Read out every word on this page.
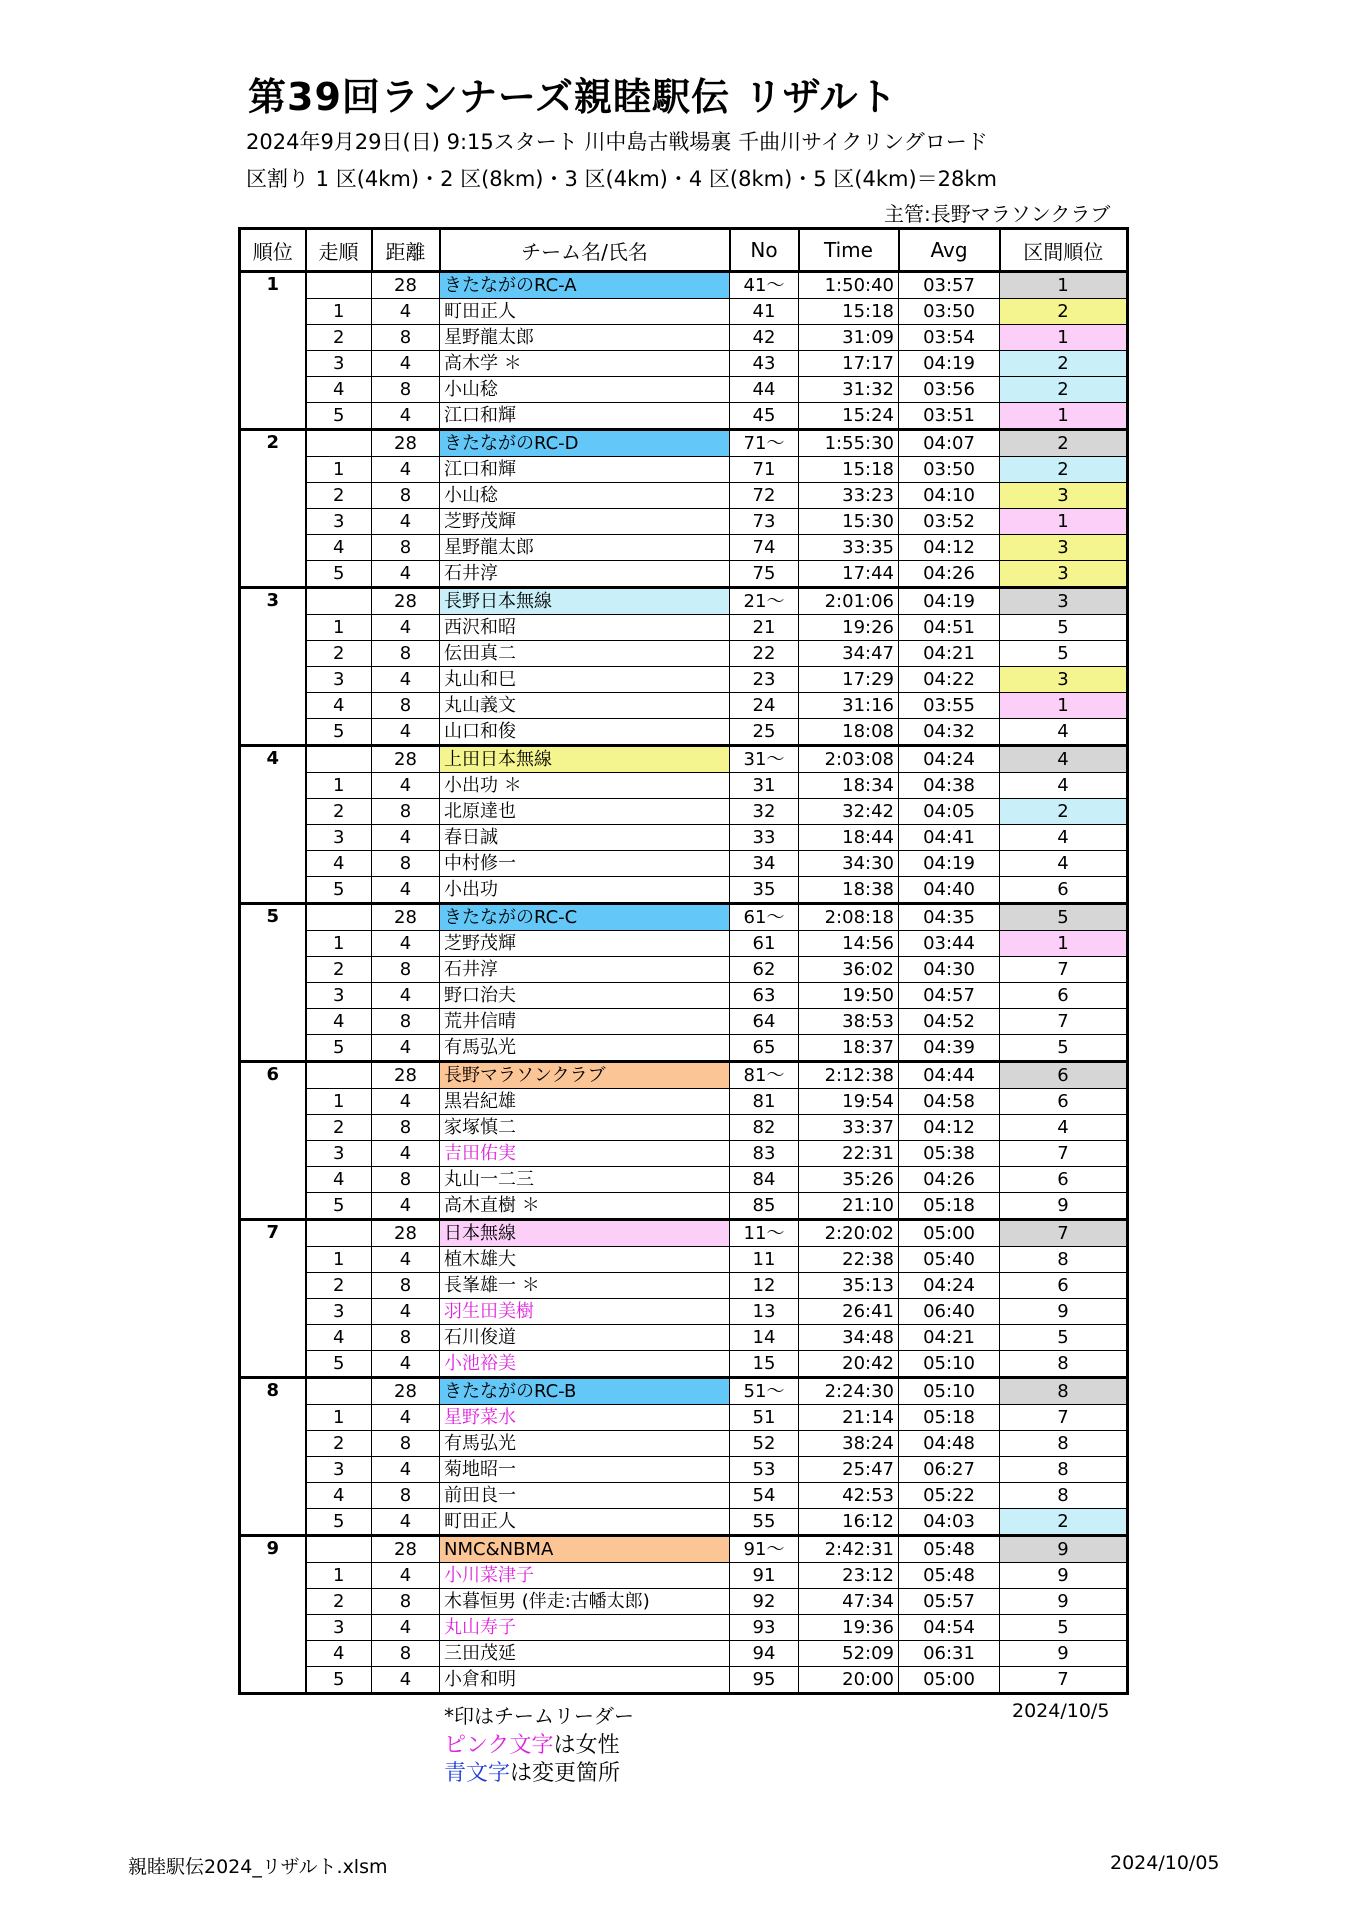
第39回ランナーズ親睦駅伝 リザルト
2024年9月29日(日) 9:15スタート 川中島古戦場裏 千曲川サイクリングロード
区割り 1 区(4km)・2 区(8km)・3 区(4km)・4 区(8km)・5 区(4km)＝28km
主管:長野マラソンクラブ
順位	走順	距離	チーム名/氏名	No	Time	Avg	区間順位
1		28	きたながのRC-A	41～	1:50:40	03:57	1
	1	4	町田正人	41	15:18	03:50	2
	2	8	星野龍太郎	42	31:09	03:54	1
	3	4	高木学 ＊	43	17:17	04:19	2
	4	8	小山稔	44	31:32	03:56	2
	5	4	江口和輝	45	15:24	03:51	1
2		28	きたながのRC-D	71～	1:55:30	04:07	2
	1	4	江口和輝	71	15:18	03:50	2
	2	8	小山稔	72	33:23	04:10	3
	3	4	芝野茂輝	73	15:30	03:52	1
	4	8	星野龍太郎	74	33:35	04:12	3
	5	4	石井淳	75	17:44	04:26	3
3		28	長野日本無線	21～	2:01:06	04:19	3
	1	4	西沢和昭	21	19:26	04:51	5
	2	8	伝田真二	22	34:47	04:21	5
	3	4	丸山和巳	23	17:29	04:22	3
	4	8	丸山義文	24	31:16	03:55	1
	5	4	山口和俊	25	18:08	04:32	4
4		28	上田日本無線	31～	2:03:08	04:24	4
	1	4	小出功 ＊	31	18:34	04:38	4
	2	8	北原達也	32	32:42	04:05	2
	3	4	春日誠	33	18:44	04:41	4
	4	8	中村修一	34	34:30	04:19	4
	5	4	小出功	35	18:38	04:40	6
5		28	きたながのRC-C	61～	2:08:18	04:35	5
	1	4	芝野茂輝	61	14:56	03:44	1
	2	8	石井淳	62	36:02	04:30	7
	3	4	野口治夫	63	19:50	04:57	6
	4	8	荒井信晴	64	38:53	04:52	7
	5	4	有馬弘光	65	18:37	04:39	5
6		28	長野マラソンクラブ	81～	2:12:38	04:44	6
	1	4	黒岩紀雄	81	19:54	04:58	6
	2	8	家塚慎二	82	33:37	04:12	4
	3	4	吉田佑実	83	22:31	05:38	7
	4	8	丸山一二三	84	35:26	04:26	6
	5	4	高木直樹 ＊	85	21:10	05:18	9
7		28	日本無線	11～	2:20:02	05:00	7
	1	4	植木雄大	11	22:38	05:40	8
	2	8	長峯雄一 ＊	12	35:13	04:24	6
	3	4	羽生田美樹	13	26:41	06:40	9
	4	8	石川俊道	14	34:48	04:21	5
	5	4	小池裕美	15	20:42	05:10	8
8		28	きたながのRC-B	51～	2:24:30	05:10	8
	1	4	星野菜水	51	21:14	05:18	7
	2	8	有馬弘光	52	38:24	04:48	8
	3	4	菊地昭一	53	25:47	06:27	8
	4	8	前田良一	54	42:53	05:22	8
	5	4	町田正人	55	16:12	04:03	2
9		28	NMC&NBMA	91～	2:42:31	05:48	9
	1	4	小川菜津子	91	23:12	05:48	9
	2	8	木暮恒男 (伴走:古幡太郎)	92	47:34	05:57	9
	3	4	丸山寿子	93	19:36	04:54	5
	4	8	三田茂延	94	52:09	06:31	9
	5	4	小倉和明	95	20:00	05:00	7
*印はチームリーダー	2024/10/5
ピンク文字は女性
青文字は変更箇所
親睦駅伝2024_リザルト.xlsm	2024/10/05
